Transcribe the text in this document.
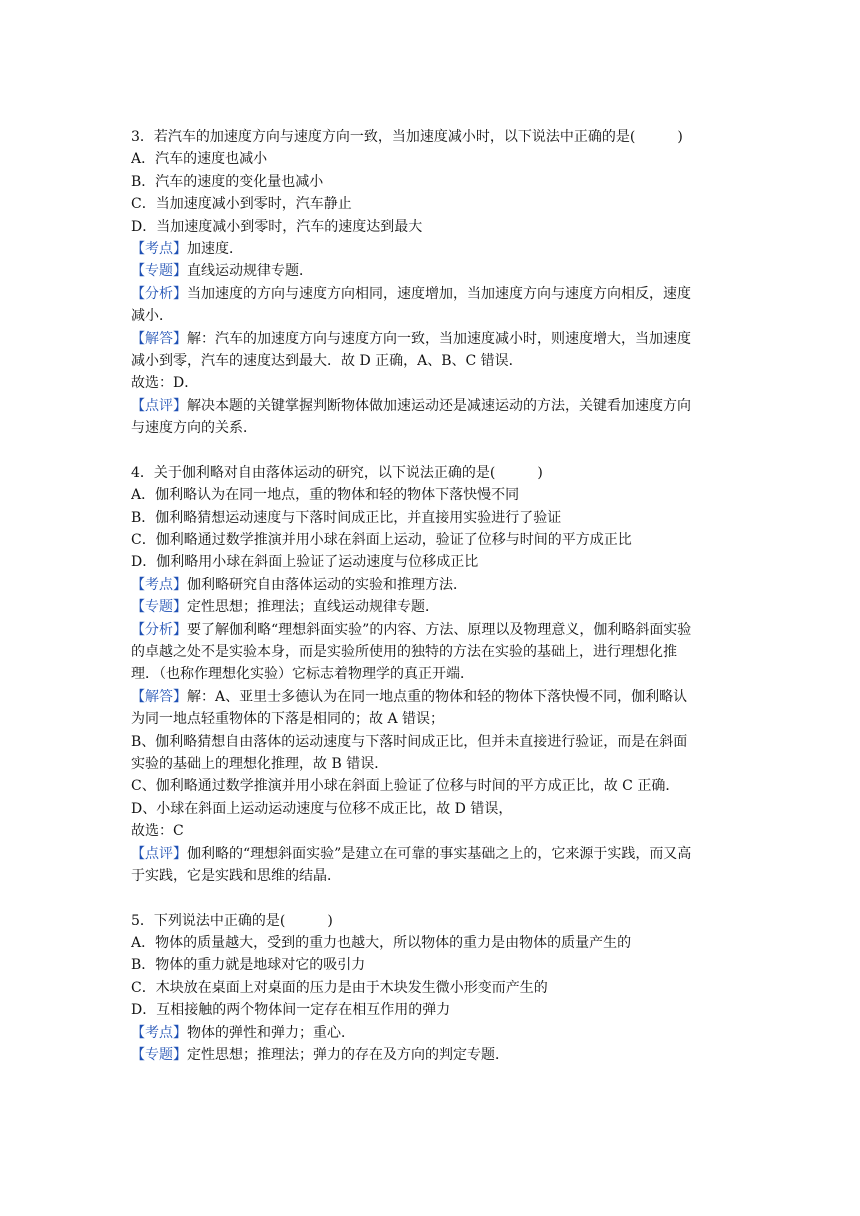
3．若汽车的加速度方向与速度方向一致，当加速度减小时，以下说法中正确的是(　　　)
A．汽车的速度也减小
B．汽车的速度的变化量也减小
C．当加速度减小到零时，汽车静止
D．当加速度减小到零时，汽车的速度达到最大
【考点】加速度．
【专题】直线运动规律专题．
【分析】当加速度的方向与速度方向相同，速度增加，当加速度方向与速度方向相反，速度
减小．
【解答】解：汽车的加速度方向与速度方向一致，当加速度减小时，则速度增大，当加速度
减小到零，汽车的速度达到最大．故 D 正确，A、B、C 错误．
故选：D．
【点评】解决本题的关键掌握判断物体做加速运动还是减速运动的方法，关键看加速度方向
与速度方向的关系．
4．关于伽利略对自由落体运动的研究，以下说法正确的是(　　　)
A．伽利略认为在同一地点，重的物体和轻的物体下落快慢不同
B．伽利略猜想运动速度与下落时间成正比，并直接用实验进行了验证
C．伽利略通过数学推演并用小球在斜面上运动，验证了位移与时间的平方成正比
D．伽利略用小球在斜面上验证了运动速度与位移成正比
【考点】伽利略研究自由落体运动的实验和推理方法．
【专题】定性思想；推理法；直线运动规律专题．
【分析】要了解伽利略“理想斜面实验”的内容、方法、原理以及物理意义，伽利略斜面实验
的卓越之处不是实验本身，而是实验所使用的独特的方法在实验的基础上，进行理想化推
理．（也称作理想化实验）它标志着物理学的真正开端．
【解答】解：A、亚里士多德认为在同一地点重的物体和轻的物体下落快慢不同，伽利略认
为同一地点轻重物体的下落是相同的；故 A 错误；
B、伽利略猜想自由落体的运动速度与下落时间成正比，但并未直接进行验证，而是在斜面
实验的基础上的理想化推理，故 B 错误．
C、伽利略通过数学推演并用小球在斜面上验证了位移与时间的平方成正比，故 C 正确．
D、小球在斜面上运动运动速度与位移不成正比，故 D 错误，
故选：C
【点评】伽利略的“理想斜面实验”是建立在可靠的事实基础之上的，它来源于实践，而又高
于实践，它是实践和思维的结晶．
5．下列说法中正确的是(　　　)
A．物体的质量越大，受到的重力也越大，所以物体的重力是由物体的质量产生的
B．物体的重力就是地球对它的吸引力
C．木块放在桌面上对桌面的压力是由于木块发生微小形变而产生的
D．互相接触的两个物体间一定存在相互作用的弹力
【考点】物体的弹性和弹力；重心．
【专题】定性思想；推理法；弹力的存在及方向的判定专题．
